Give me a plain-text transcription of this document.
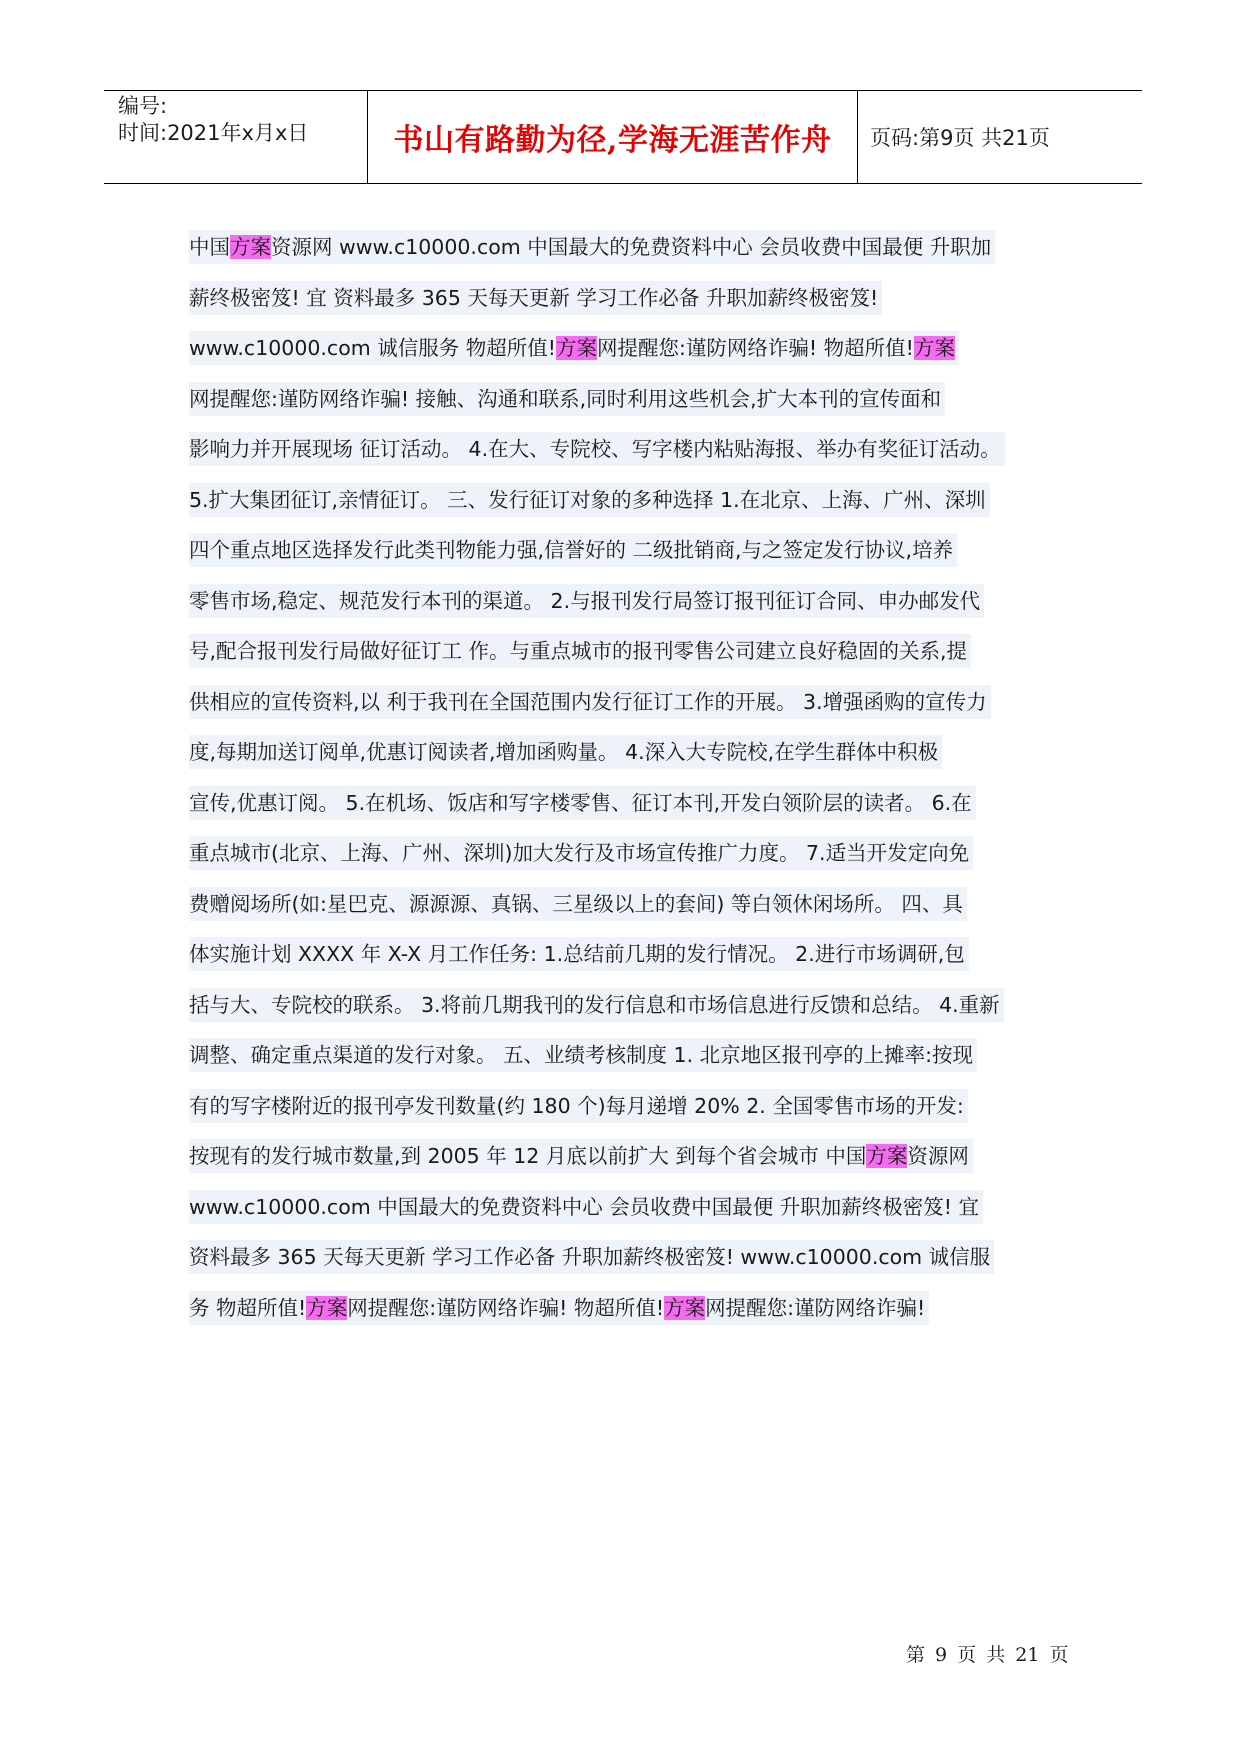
编号:
时间:2021年x月x日	书山有路勤为径,学海无涯苦作舟 页码:第9页 共21页
中国方案资源网 www.c10000.com 中国最大的免费资料中心 会员收费中国最便 升职加
薪终极密笈! 宜 资料最多 365 天每天更新 学习工作必备 升职加薪终极密笈!
www.c10000.com 诚信服务 物超所值!方案网提醒您:谨防网络诈骗! 物超所值!方案
网提醒您:谨防网络诈骗! 接触、沟通和联系,同时利用这些机会,扩大本刊的宣传面和
影响力并开展现场 征订活动。 4.在大、专院校、写字楼内粘贴海报、举办有奖征订活动。
5.扩大集团征订,亲情征订。 三、发行征订对象的多种选择 1.在北京、上海、广州、深圳
四个重点地区选择发行此类刊物能力强,信誉好的 二级批销商,与之签定发行协议,培养
零售市场,稳定、规范发行本刊的渠道。 2.与报刊发行局签订报刊征订合同、申办邮发代
号,配合报刊发行局做好征订工 作。与重点城市的报刊零售公司建立良好稳固的关系,提
供相应的宣传资料,以 利于我刊在全国范围内发行征订工作的开展。 3.增强函购的宣传力
度,每期加送订阅单,优惠订阅读者,增加函购量。 4.深入大专院校,在学生群体中积极
宣传,优惠订阅。 5.在机场、饭店和写字楼零售、征订本刊,开发白领阶层的读者。 6.在
重点城市(北京、上海、广州、深圳)加大发行及市场宣传推广力度。 7.适当开发定向免
费赠阅场所(如:星巴克、源源源、真锅、三星级以上的套间) 等白领休闲场所。 四、具
体实施计划 XXXX 年 X-X 月工作任务: 1.总结前几期的发行情况。 2.进行市场调研,包
括与大、专院校的联系。 3.将前几期我刊的发行信息和市场信息进行反馈和总结。 4.重新
调整、确定重点渠道的发行对象。 五、业绩考核制度 1. 北京地区报刊亭的上摊率:按现
有的写字楼附近的报刊亭发刊数量(约 180 个)每月递增 20% 2. 全国零售市场的开发:
按现有的发行城市数量,到 2005 年 12 月底以前扩大 到每个省会城市 中国方案资源网
www.c10000.com 中国最大的免费资料中心 会员收费中国最便 升职加薪终极密笈! 宜
资料最多 365 天每天更新 学习工作必备 升职加薪终极密笈! www.c10000.com 诚信服
务 物超所值!方案网提醒您:谨防网络诈骗! 物超所值!方案网提醒您:谨防网络诈骗!
第 9 页 共 21 页
